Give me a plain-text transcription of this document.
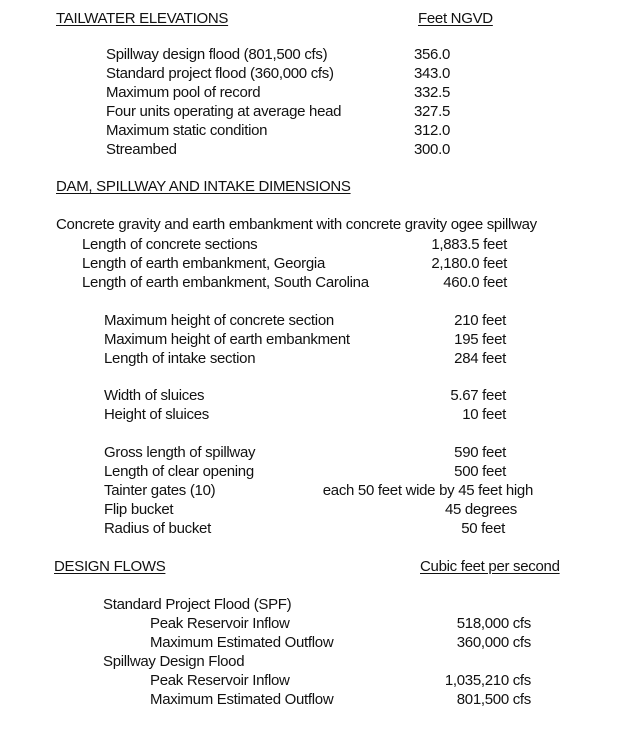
TAILWATER ELEVATIONS	Feet NGVD
Spillway design flood (801,500 cfs)	356.0
Standard project flood (360,000 cfs)	343.0
Maximum pool of record	332.5
Four units operating at average head	327.5
Maximum static condition	312.0
Streambed	300.0
DAM, SPILLWAY AND INTAKE DIMENSIONS
Concrete gravity and earth embankment with concrete gravity ogee spillway
Length of concrete sections	1,883.5 feet
Length of earth embankment, Georgia	2,180.0 feet
Length of earth embankment, South Carolina	460.0 feet
Maximum height of concrete section	210 feet
Maximum height of earth embankment	195 feet
Length of intake section	284 feet
Width of sluices	5.67 feet
Height of sluices	10 feet
Gross length of spillway	590 feet
Length of clear opening	500 feet
Tainter gates (10)	each 50 feet wide by 45 feet high
Flip bucket	45 degrees
Radius of bucket	50 feet
DESIGN FLOWS	Cubic feet per second
Standard Project Flood (SPF)
Peak Reservoir Inflow	518,000 cfs
Maximum Estimated Outflow	360,000 cfs
Spillway Design Flood
Peak Reservoir Inflow	1,035,210 cfs
Maximum Estimated Outflow	801,500 cfs
